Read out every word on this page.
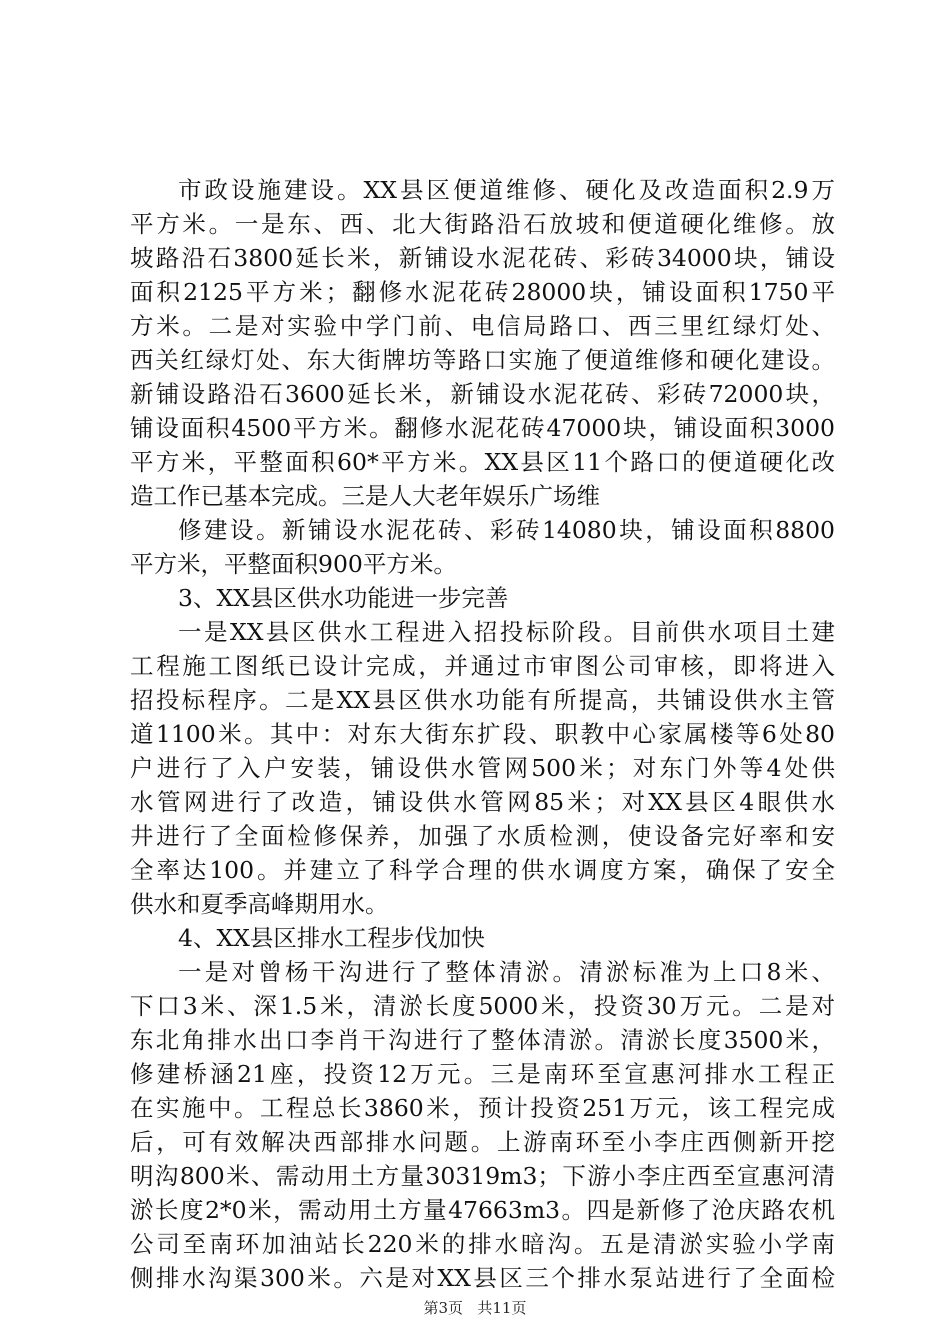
市政设施建设。XX县区便道维修、硬化及改造面积2.9万
平方米。一是东、西、北大街路沿石放坡和便道硬化维修。放
坡路沿石3800延长米，新铺设水泥花砖、彩砖34000块，铺设
面积2125平方米；翻修水泥花砖28000块，铺设面积1750平
方米。二是对实验中学门前、电信局路口、西三里红绿灯处、
西关红绿灯处、东大街牌坊等路口实施了便道维修和硬化建设。
新铺设路沿石3600延长米，新铺设水泥花砖、彩砖72000块，
铺设面积4500平方米。翻修水泥花砖47000块，铺设面积3000
平方米，平整面积60*平方米。XX县区11个路口的便道硬化改
造工作已基本完成。三是人大老年娱乐广场维
修建设。新铺设水泥花砖、彩砖14080块，铺设面积8800
平方米，平整面积900平方米。
3、XX县区供水功能进一步完善
一是XX县区供水工程进入招投标阶段。目前供水项目土建
工程施工图纸已设计完成，并通过市审图公司审核，即将进入
招投标程序。二是XX县区供水功能有所提高，共铺设供水主管
道1100米。其中：对东大街东扩段、职教中心家属楼等6处80
户进行了入户安装，铺设供水管网500米；对东门外等4处供
水管网进行了改造，铺设供水管网85米；对XX县区4眼供水
井进行了全面检修保养，加强了水质检测，使设备完好率和安
全率达100。并建立了科学合理的供水调度方案，确保了安全
供水和夏季高峰期用水。
4、XX县区排水工程步伐加快
一是对曾杨干沟进行了整体清淤。清淤标准为上口8米、
下口3米、深1.5米，清淤长度5000米，投资30万元。二是对
东北角排水出口李肖干沟进行了整体清淤。清淤长度3500米，
修建桥涵21座，投资12万元。三是南环至宣惠河排水工程正
在实施中。工程总长3860米，预计投资251万元，该工程完成
后，可有效解决西部排水问题。上游南环至小李庄西侧新开挖
明沟800米、需动用土方量30319m3；下游小李庄西至宣惠河清
淤长度2*0米，需动用土方量47663m3。四是新修了沧庆路农机
公司至南环加油站长220米的排水暗沟。五是清淤实验小学南
侧排水沟渠300米。六是对XX县区三个排水泵站进行了全面检
第3页 共11页
